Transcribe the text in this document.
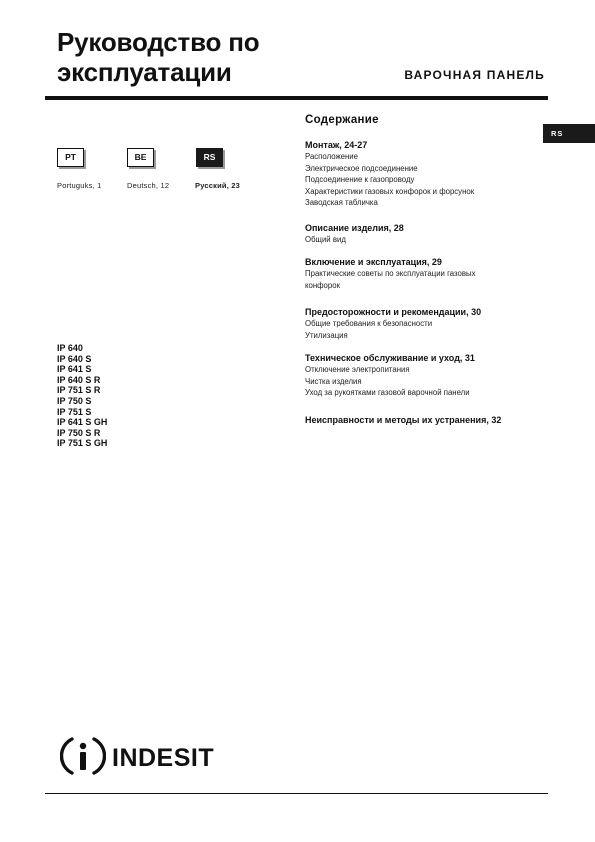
Руководство по
эксплуатации	ВАРОЧНАЯ ПАНЕЛЬ
RS
PT	BE	RS
Portuguks, 1	Deutsch, 12	Русский, 23
IP 640
IP 640 S
IP 641 S
IP 640 S R
IP 751 S R
IP 750 S
IP 751 S
IP 641 S GH
IP 750 S R
IP 751 S GH
Содержание
Монтаж, 24-27
Расположение
Электрическое подсоединение
Подсоединение к газопроводу
Характеристики газовых конфорок и форсунок
Заводская табличка
Описание изделия, 28
Общий вид
Включение и эксплуатация, 29
Практические советы по эксплуатации газовых
конфорок
Предосторожности и рекомендации, 30
Общие требования к безопасности
Утилизация
Техническое обслуживание и уход, 31
Отключение электропитания
Чистка изделия
Уход за рукоятками газовой варочной панели
Неисправности и методы их устранения, 32
INDESIT
